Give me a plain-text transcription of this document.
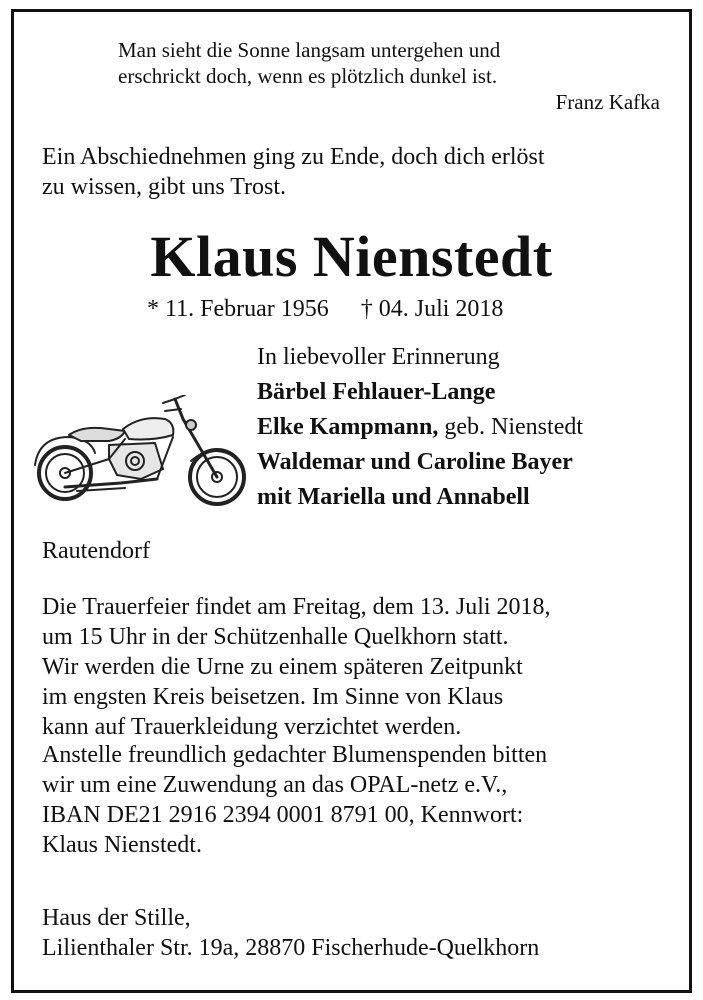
Man sieht die Sonne langsam untergehen und
erschrickt doch, wenn es plötzlich dunkel ist.
Franz Kafka
Ein Abschiednehmen ging zu Ende, doch dich erlöst
zu wissen, gibt uns Trost.
Klaus Nienstedt
* 11. Februar 1956 † 04. Juli 2018
In liebevoller Erinnerung
Bärbel Fehlauer-Lange
Elke Kampmann, geb. Nienstedt
Waldemar und Caroline Bayer
mit Mariella und Annabell
Rautendorf
Die Trauerfeier findet am Freitag, dem 13. Juli 2018,
um 15 Uhr in der Schützenhalle Quelkhorn statt.
Wir werden die Urne zu einem späteren Zeitpunkt
im engsten Kreis beisetzen. Im Sinne von Klaus
kann auf Trauerkleidung verzichtet werden.
Anstelle freundlich gedachter Blumenspenden bitten
wir um eine Zuwendung an das OPAL-netz e.V.,
IBAN DE21 2916 2394 0001 8791 00, Kennwort:
Klaus Nienstedt.
Haus der Stille,
Lilienthaler Str. 19a, 28870 Fischerhude-Quelkhorn
